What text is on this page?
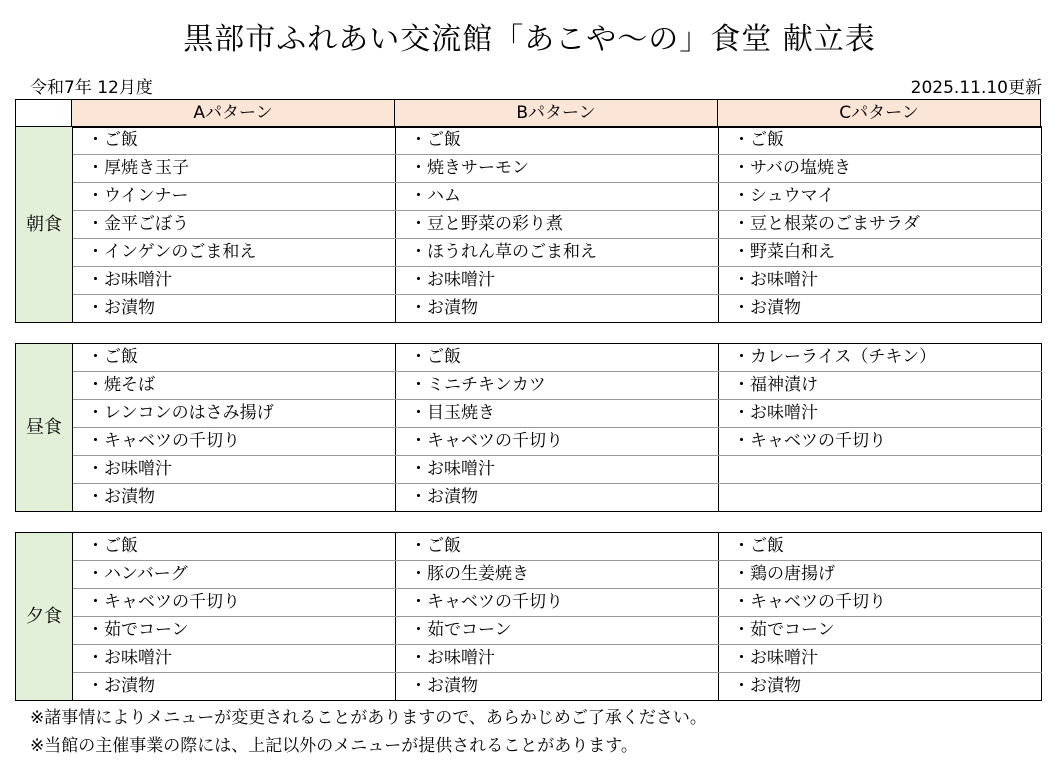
黒部市ふれあい交流館「あこや～の」食堂 献立表
令和7年 12月度	2025.11.10更新
	Aパターン	Bパターン	Cパターン
朝食	・ご飯	・ご飯	・ご飯
	・厚焼き玉子	・焼きサーモン	・サバの塩焼き
	・ウインナー	・ハム	・シュウマイ
	・金平ごぼう	・豆と野菜の彩り煮	・豆と根菜のごまサラダ
	・インゲンのごま和え	・ほうれん草のごま和え	・野菜白和え
	・お味噌汁	・お味噌汁	・お味噌汁
	・お漬物	・お漬物	・お漬物
昼食	・ご飯	・ご飯	・カレーライス（チキン）
	・焼そば	・ミニチキンカツ	・福神漬け
	・レンコンのはさみ揚げ	・目玉焼き	・お味噌汁
	・キャベツの千切り	・キャベツの千切り	・キャベツの千切り
	・お味噌汁	・お味噌汁	
	・お漬物	・お漬物	
夕食	・ご飯	・ご飯	・ご飯
	・ハンバーグ	・豚の生姜焼き	・鶏の唐揚げ
	・キャベツの千切り	・キャベツの千切り	・キャベツの千切り
	・茹でコーン	・茹でコーン	・茹でコーン
	・お味噌汁	・お味噌汁	・お味噌汁
	・お漬物	・お漬物	・お漬物
※諸事情によりメニューが変更されることがありますので、あらかじめご了承ください。
※当館の主催事業の際には、上記以外のメニューが提供されることがあります。
